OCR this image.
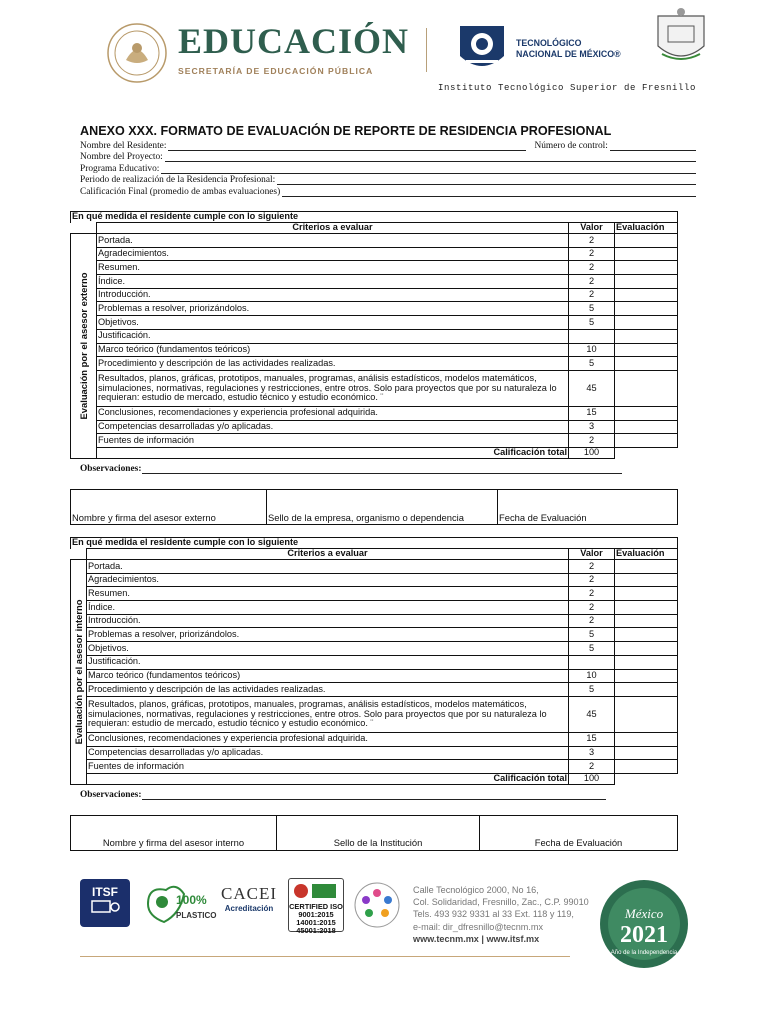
EDUCACIÓN
SECRETARÍA DE EDUCACIÓN PÚBLICA
TECNOLÓGICO
NACIONAL DE MÉXICO®
Instituto Tecnológico Superior de Fresnillo
ANEXO XXX. FORMATO DE EVALUACIÓN DE REPORTE DE RESIDENCIA PROFESIONAL
Nombre del Residente:	Número de control:
Nombre del Proyecto:
Programa Educativo:
Periodo de realización de la Residencia Profesional:
Calificación Final (promedio de ambas evaluaciones)
En qué medida el residente cumple con lo siguiente			
	Criterios a evaluar	Valor	Evaluación

Evaluación por el asesor externo	Portada.	2	
	Agradecimientos.	2	
	Resumen.	2	
	Índice.	2	
	Introducción.	2	
	Problemas a resolver, priorizándolos.	5	
	Objetivos.	5	
	Justificación.		
	Marco teórico (fundamentos teóricos)	10	
	Procedimiento y descripción de las actividades realizadas.	5	
	Resultados, planos, gráficas, prototipos, manuales, programas, análisis estadísticos, modelos matemáticos, simulaciones, normativas, regulaciones y restricciones, entre otros. Solo para proyectos que por su naturaleza lo requieran: estudio de mercado, estudio técnico y estudio económico. ¨	45	
	Conclusiones, recomendaciones y experiencia profesional adquirida.	15	
	Competencias desarrolladas y/o aplicadas.	3	
	Fuentes de información	2	
	Calificación total	100	
Observaciones:
Nombre y firma del asesor externo	Sello de la empresa, organismo o dependencia	Fecha de Evaluación
En qué medida el residente cumple con lo siguiente			
	Criterios a evaluar	Valor	Evaluación

Evaluación por el asesor interno	Portada.	2	
	Agradecimientos.	2	
	Resumen.	2	
	Índice.	2	
	Introducción.	2	
	Problemas a resolver, priorizándolos.	5	
	Objetivos.	5	
	Justificación.		
	Marco teórico (fundamentos teóricos)	10	
	Procedimiento y descripción de las actividades realizadas.	5	
	Resultados, planos, gráficas, prototipos, manuales, programas, análisis estadísticos, modelos matemáticos, simulaciones, normativas, regulaciones y restricciones, entre otros. Solo para proyectos que por su naturaleza lo requieran: estudio de mercado, estudio técnico y estudio económico. ¨	45	
	Conclusiones, recomendaciones y experiencia profesional adquirida.	15	
	Competencias desarrolladas y/o aplicadas.	3	
	Fuentes de información	2	
	Calificación total	100	
Observaciones:
Nombre y firma del asesor interno	Sello de la Institución	Fecha de Evaluación
ITSF
100%
PLASTICO
CACEI
Acreditación	CERTIFIED ISO
9001:2015
14001:2015
45001:2018
Calle Tecnológico 2000, No 16,
Col. Solidaridad, Fresnillo, Zac., C.P. 99010
Tels. 493 932 9331 al 33 Ext. 118 y 119,
e-mail: dir_dfresnillo@tecnm.mx
www.tecnm.mx | www.itsf.mx
México
2021
Año de la Independencia
